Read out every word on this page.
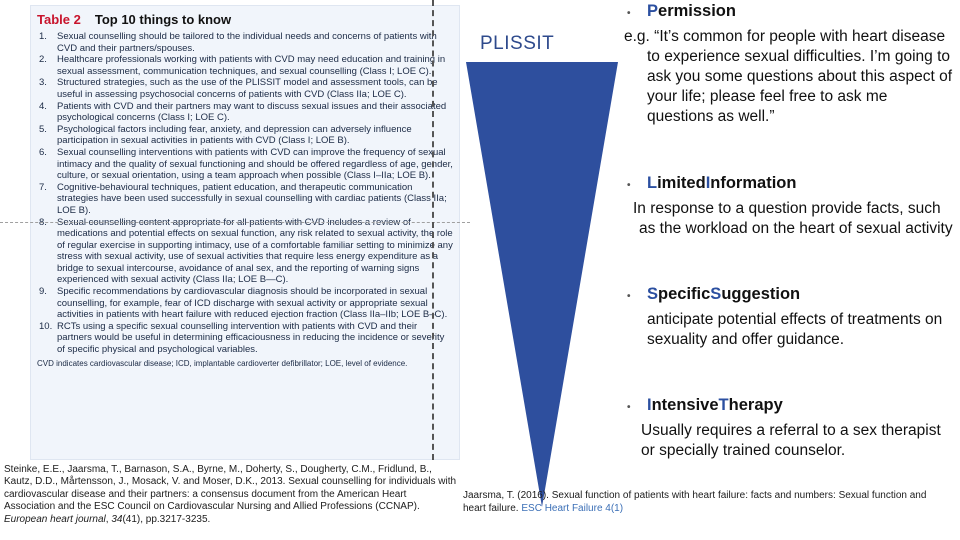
Table 2 Top 10 things to know
1.	Sexual counselling should be tailored to the individual needs and concerns of patients with CVD and their partners/spouses.
2.	Healthcare professionals working with patients with CVD may need education and training in sexual assessment, communication techniques, and sexual counselling (Class I; LOE C).
3.	Structured strategies, such as the use of the PLISSIT model and assessment tools, can be useful in assessing psychosocial concerns of patients with CVD (Class IIa; LOE C).
4.	Patients with CVD and their partners may want to discuss sexual issues and their associated psychological concerns (Class I; LOE C).
5.	Psychological factors including fear, anxiety, and depression can adversely influence participation in sexual activities in patients with CVD (Class I; LOE B).
6.	Sexual counselling interventions with patients with CVD can improve the frequency of sexual intimacy and the quality of sexual functioning and should be offered regardless of age, gender, culture, or sexual orientation, using a team approach when possible (Class I–IIa; LOE B).
7.	Cognitive-behavioural techniques, patient education, and therapeutic communication strategies have been used successfully in sexual counselling with cardiac patients (Class IIa; LOE B).
8.	Sexual counselling content appropriate for all patients with CVD includes a review of medications and potential effects on sexual function, any risk related to sexual activity, the role of regular exercise in supporting intimacy, use of a comfortable familiar setting to minimize any stress with sexual activity, use of sexual activities that require less energy expenditure as a bridge to sexual intercourse, avoidance of anal sex, and the reporting of warning signs experienced with sexual activity (Class IIa; LOE B—C).
9.	Specific recommendations by cardiovascular diagnosis should be incorporated in sexual counselling, for example, fear of ICD discharge with sexual activity or appropriate sexual activities in patients with heart failure with reduced ejection fraction (Class IIa–IIb; LOE B–C).
10. RCTs using a specific sexual counselling intervention with patients with CVD and their partners would be useful in determining efficaciousness in reducing the incidence or severity of specific physical and psychological variables.
CVD indicates cardiovascular disease; ICD, implantable cardioverter defibrillator; LOE, level of evidence.
Steinke, E.E., Jaarsma, T., Barnason, S.A., Byrne, M., Doherty, S., Dougherty, C.M., Fridlund, B., Kautz, D.D., Mårtensson, J., Mosack, V. and Moser, D.K., 2013. Sexual counselling for individuals with cardiovascular disease and their partners: a consensus document from the American Heart Association and the ESC Council on Cardiovascular Nursing and Allied Professions (CCNAP). European heart journal, 34(41), pp.3217-3235.
PLISSIT
• P ermission
e.g. “It’s common for people with heart disease to experience sexual difficulties. I’m going to ask you some questions about this aspect of your life; please feel free to ask me questions as well.”
• L imited I nformation
In response to a question provide facts, such as the workload on the heart of sexual activity
• S pecific S uggestion
anticipate potential effects of treatments on sexuality and offer guidance.
• I ntensive T herapy
Usually requires a referral to a sex therapist or specially trained counselor.
Jaarsma, T. (2016). Sexual function of patients with heart failure: facts and numbers: Sexual function and heart failure. ESC Heart Failure 4(1)
